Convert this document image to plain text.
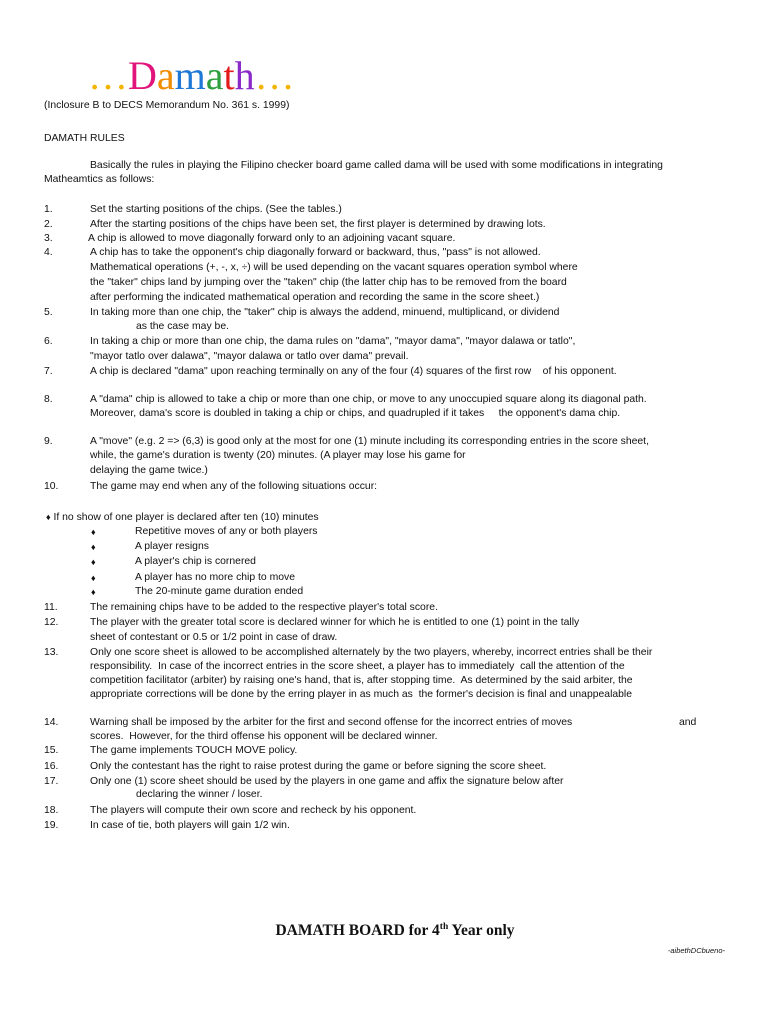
…Damath…
(Inclosure B to DECS Memorandum No. 361 s. 1999)
DAMATH RULES
Basically the rules in playing the Filipino checker board game called dama will be used with some modifications in integrating
Matheamtics as follows:
1.	Set the starting positions of the chips. (See the tables.)
2.	After the starting positions of the chips have been set, the first player is determined by drawing lots.
3.	A chip is allowed to move diagonally forward only to an adjoining vacant square.
4.	A chip has to take the opponent's chip diagonally forward or backward, thus, "pass" is not allowed.
Mathematical operations (+, -, x, ÷) will be used depending on the vacant squares operation symbol where
the "taker" chips land by jumping over the "taken" chip (the latter chip has to be removed from the board
after performing the indicated mathematical operation and recording the same in the score sheet.)
5.	In taking more than one chip, the "taker" chip is always the addend, minuend, multiplicand, or dividend
as the case may be.
6.	In taking a chip or more than one chip, the dama rules on "dama", "mayor dama", "mayor dalawa or tatlo",
"mayor tatlo over dalawa", "mayor dalawa or tatlo over dama" prevail.
7.	A chip is declared "dama" upon reaching terminally on any of the four (4) squares of the first row    of his opponent.
8.	A "dama" chip is allowed to take a chip or more than one chip, or move to any unoccupied square along its diagonal path.
Moreover, dama's score is doubled in taking a chip or chips, and quadrupled if it takes     the opponent's dama chip.
9.	A "move" (e.g. 2 => (6,3) is good only at the most for one (1) minute including its corresponding entries in the score sheet,
while, the game's duration is twenty (20) minutes. (A player may lose his game for
delaying the game twice.)
10.	The game may end when any of the following situations occur:
♦ If no show of one player is declared after ten (10) minutes
♦	Repetitive moves of any or both players
♦	A player resigns
♦	A player's chip is cornered
♦	A player has no more chip to move
♦	The 20-minute game duration ended
11.	The remaining chips have to be added to the respective player's total score.
12.	The player with the greater total score is declared winner for which he is entitled to one (1) point in the tally
sheet of contestant or 0.5 or 1/2 point in case of draw.
13.	Only one score sheet is allowed to be accomplished alternately by the two players, whereby, incorrect entries shall be their
responsibility.  In case of the incorrect entries in the score sheet, a player has to immediately  call the attention of the
competition facilitator (arbiter) by raising one's hand, that is, after stopping time.  As determined by the said arbiter, the
appropriate corrections will be done by the erring player in as much as  the former's decision is final and unappealable
14.	Warning shall be imposed by the arbiter for the first and second offense for the incorrect entries of moves	and
scores.  However, for the third offense his opponent will be declared winner.
15.	The game implements TOUCH MOVE policy.
16.	Only the contestant has the right to raise protest during the game or before signing the score sheet.
17.	Only one (1) score sheet should be used by the players in one game and affix the signature below after
declaring the winner / loser.
18.	The players will compute their own score and recheck by his opponent.
19.	In case of tie, both players will gain 1/2 win.
DAMATH BOARD for 4th Year only
-aibethDCbueno-
